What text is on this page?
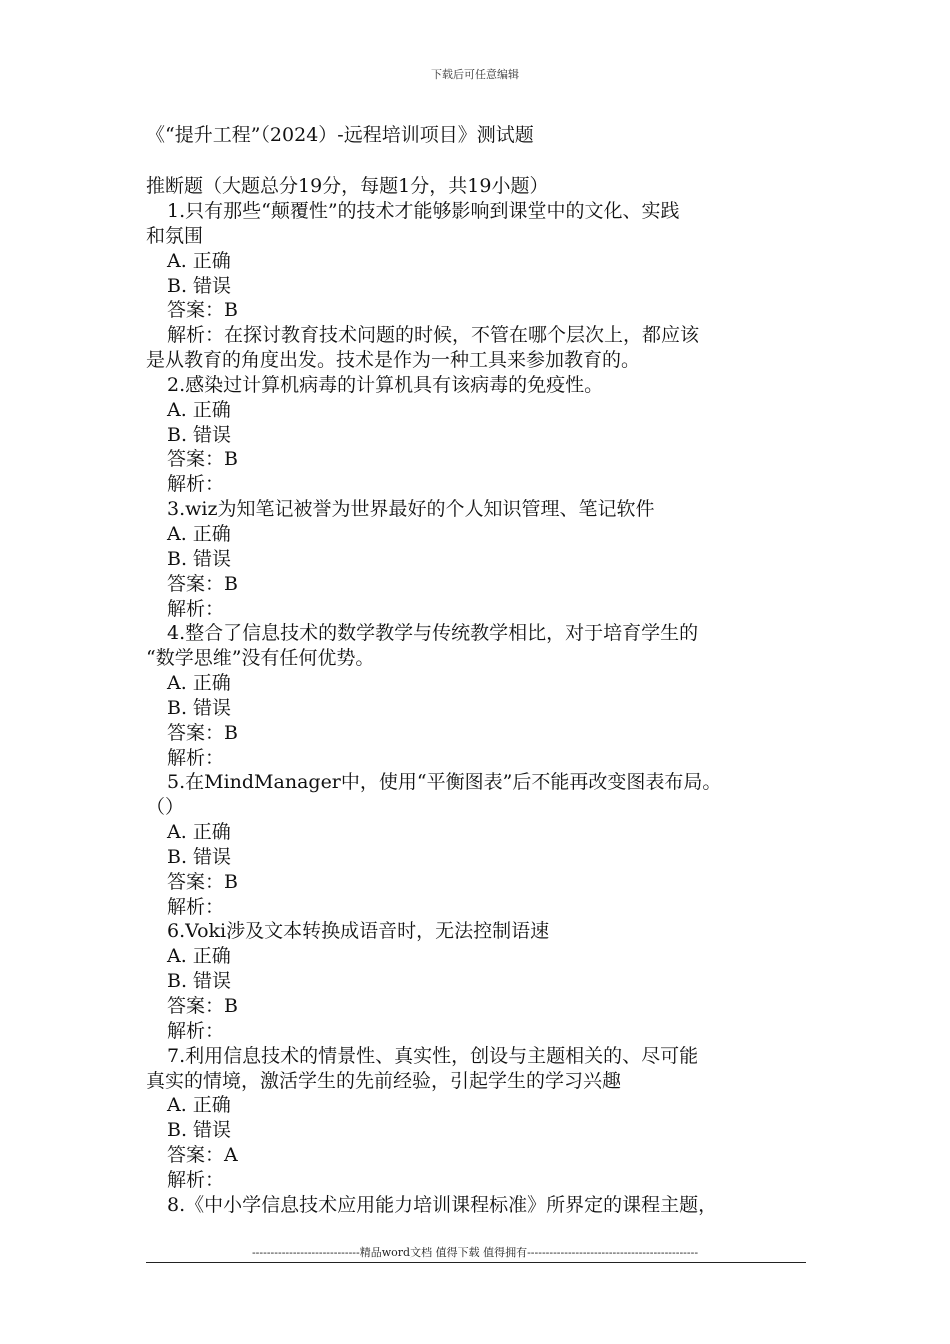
下载后可任意编辑
《“提升工程”（2024）-远程培训项目》测试题
推断题（大题总分19分，每题1分，共19小题）
1.只有那些“颠覆性”的技术才能够影响到课堂中的文化、实践
和氛围
A. 正确
B. 错误
答案：B
解析：在探讨教育技术问题的时候，不管在哪个层次上，都应该
是从教育的角度出发。技术是作为一种工具来参加教育的。
2.感染过计算机病毒的计算机具有该病毒的免疫性。
A. 正确
B. 错误
答案：B
解析：
3.wiz为知笔记被誉为世界最好的个人知识管理、笔记软件
A. 正确
B. 错误
答案：B
解析：
4.整合了信息技术的数学教学与传统教学相比，对于培育学生的
“数学思维”没有任何优势。
A. 正确
B. 错误
答案：B
解析：
5.在MindManager中，使用“平衡图表”后不能再改变图表布局。
（）
A. 正确
B. 错误
答案：B
解析：
6.Voki涉及文本转换成语音时，无法控制语速
A. 正确
B. 错误
答案：B
解析：
7.利用信息技术的情景性、真实性，创设与主题相关的、尽可能
真实的情境，激活学生的先前经验，引起学生的学习兴趣
A. 正确
B. 错误
答案：A
解析：
8.《中小学信息技术应用能力培训课程标准》所界定的课程主题，
-----------------------------精品word文档 值得下载 值得拥有----------------------------------------------
